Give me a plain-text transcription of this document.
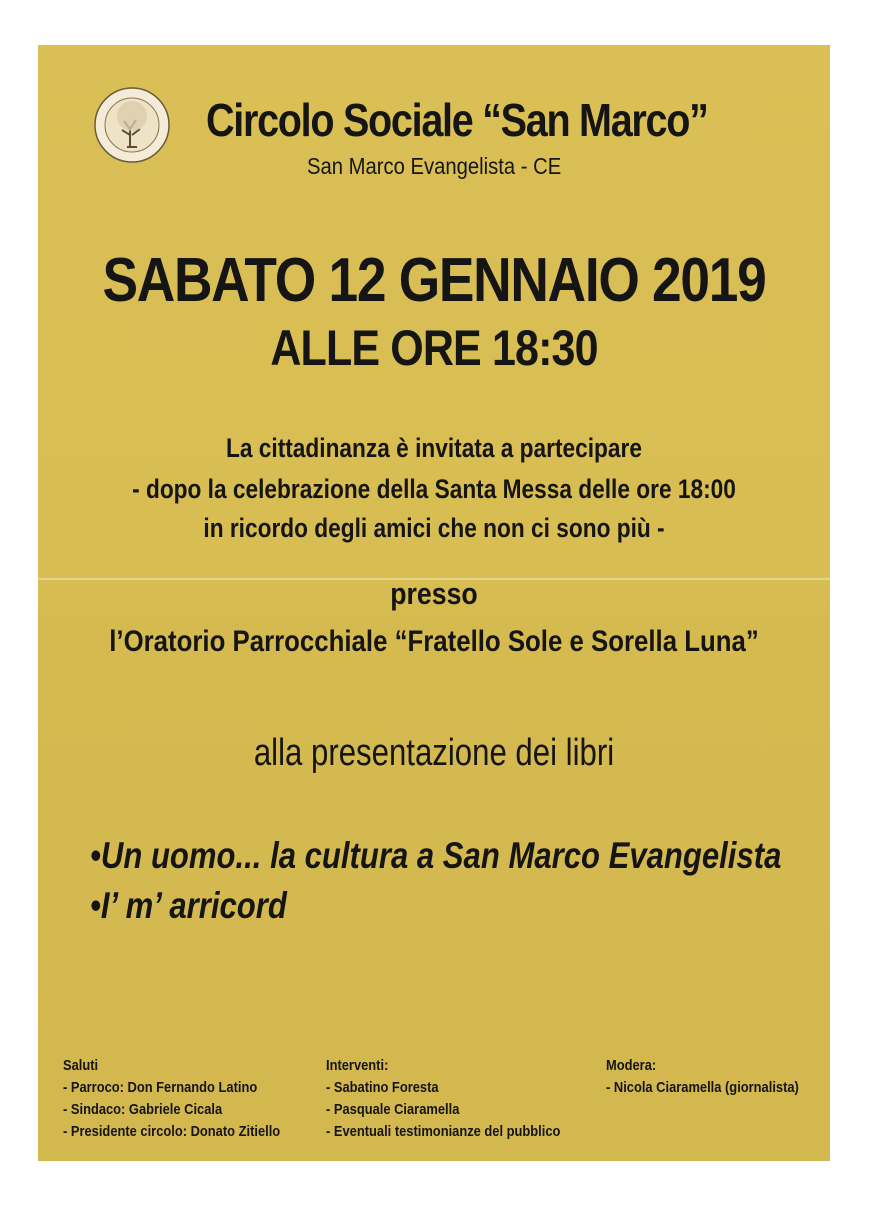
Circolo Sociale “San Marco”
San Marco Evangelista - CE
SABATO 12 GENNAIO 2019
ALLE ORE 18:30
La cittadinanza è invitata a partecipare
- dopo la celebrazione della Santa Messa delle ore 18:00
in ricordo degli amici che non ci sono più -
presso
l’Oratorio Parrocchiale “Fratello Sole e Sorella Luna”
alla presentazione dei libri
•Un uomo... la cultura a San Marco Evangelista
•I’ m’ arricord
Saluti
- Parroco: Don Fernando Latino
- Sindaco: Gabriele Cicala
- Presidente circolo: Donato Zitiello
Interventi:
- Sabatino Foresta
- Pasquale Ciaramella
- Eventuali testimonianze del pubblico
Modera:
- Nicola Ciaramella (giornalista)
